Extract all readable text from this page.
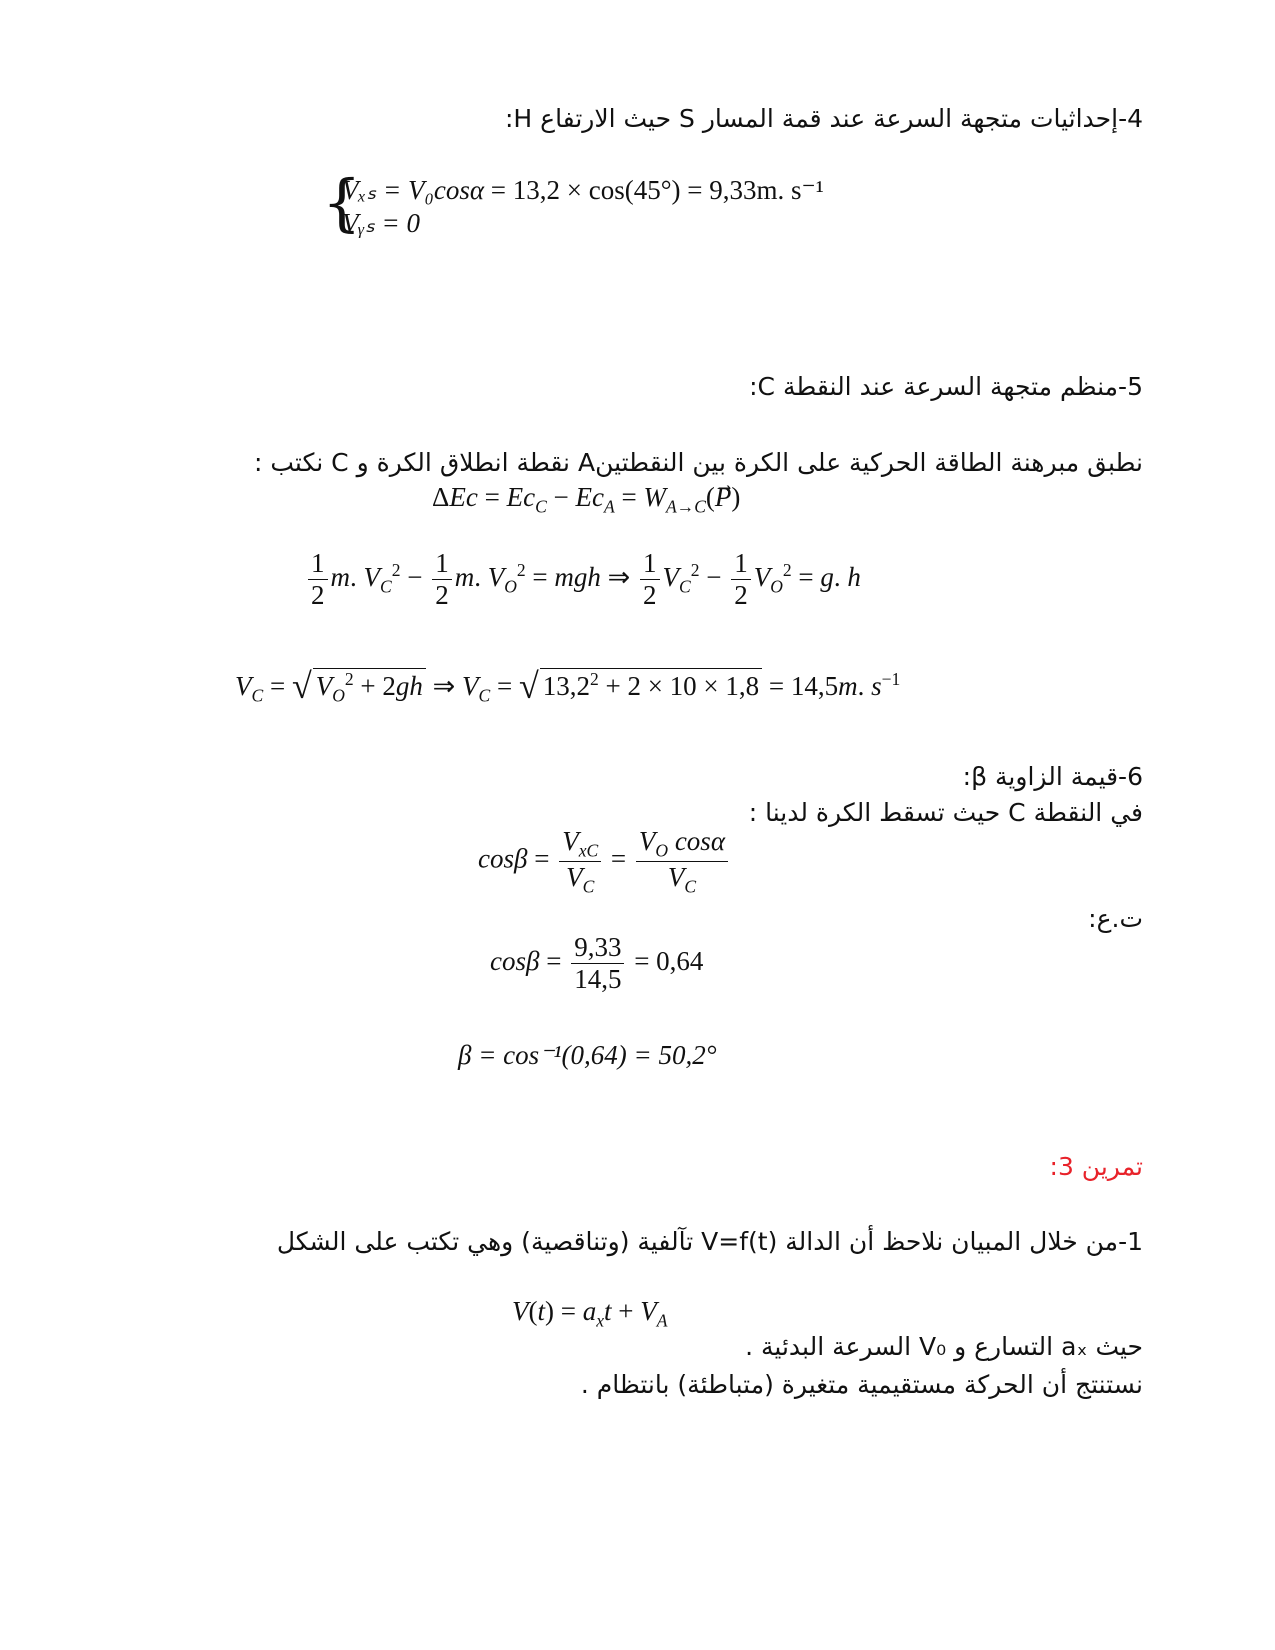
4-إحداثيات متجهة السرعة عند قمة المسار S حيث الارتفاع H:
{
Vₓₛ = V₀cosα = 13,2 × cos(45°) = 9,33m. s⁻¹
Vᵧₛ = 0
5-منظم متجهة السرعة عند النقطة C:
نطبق مبرهنة الطاقة الحركية على الكرة بين النقطتينA نقطة انطلاق الكرة و C نكتب :
$\Delta Ec = Ec_C - Ec_A$ = $W_{A\to C}(P⃗)$
$\frac{1}{2} m$. $V_C^2 - \frac{1}{2} m$. $V_O^2$ = mgh ⇒ $\frac{1}{2} V_C^2 - \frac{1}{2} V_O^2 = g$. h
$V_C$ = √ $V_O^2 + 2gh$ ⇒ $V_C$ = √ $13,2^2 + 2 \times 10 \times 1,8 = 14,5m$. $s^{-1}$
6-قيمة الزاوية β:
في النقطة C حيث تسقط الكرة لدينا :
$\cos\beta = \frac{V_{xC}}{V_C} = \frac{V_O \cos\alpha}{V_C}$
ت.ع:
$\cos\beta = \frac{9,33}{14,5} = 0,64$
β = cos⁻¹(0,64) = 50,2°
تمرين 3:
1-من خلال المبيان نلاحظ أن الدالة V=f(t) تآلفية (وتناقصية) وهي تكتب على الشكل
$V(t) = a_xt + V_A$
حيث aₓ التسارع و V₀ السرعة البدئية .
نستنتج أن الحركة مستقيمية متغيرة (متباطئة) بانتظام .
